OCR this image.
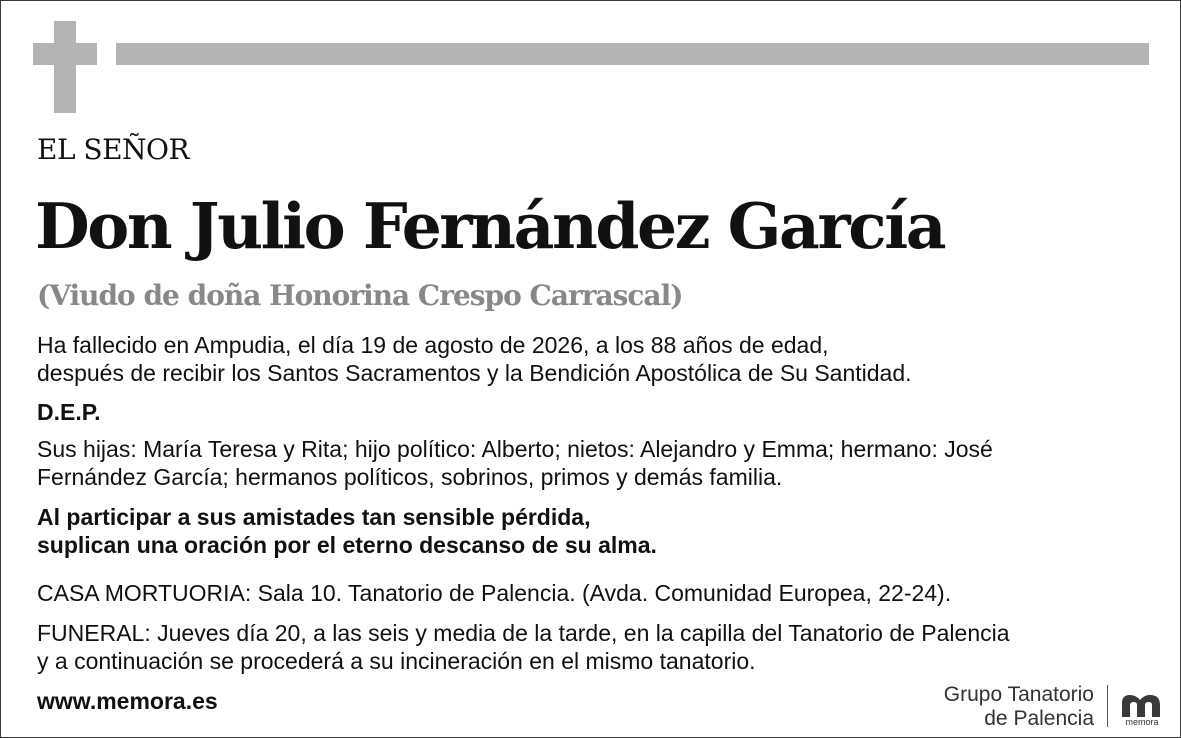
EL SEÑOR
Don Julio Fernández García
(Viudo de doña Honorina Crespo Carrascal)
Ha fallecido en Ampudia, el día 19 de agosto de 2026, a los 88 años de edad,
después de recibir los Santos Sacramentos y la Bendición Apostólica de Su Santidad.
D.E.P.
Sus hijas: María Teresa y Rita; hijo político: Alberto; nietos: Alejandro y Emma; hermano: José
Fernández García; hermanos políticos, sobrinos, primos y demás familia.
Al participar a sus amistades tan sensible pérdida,
suplican una oración por el eterno descanso de su alma.
CASA MORTUORIA: Sala 10. Tanatorio de Palencia. (Avda. Comunidad Europea, 22-24).
FUNERAL: Jueves día 20, a las seis y media de la tarde, en la capilla del Tanatorio de Palencia
y a continuación se procederá a su incineración en el mismo tanatorio.
www.memora.es	Grupo Tanatorio
de Palencia	memora
